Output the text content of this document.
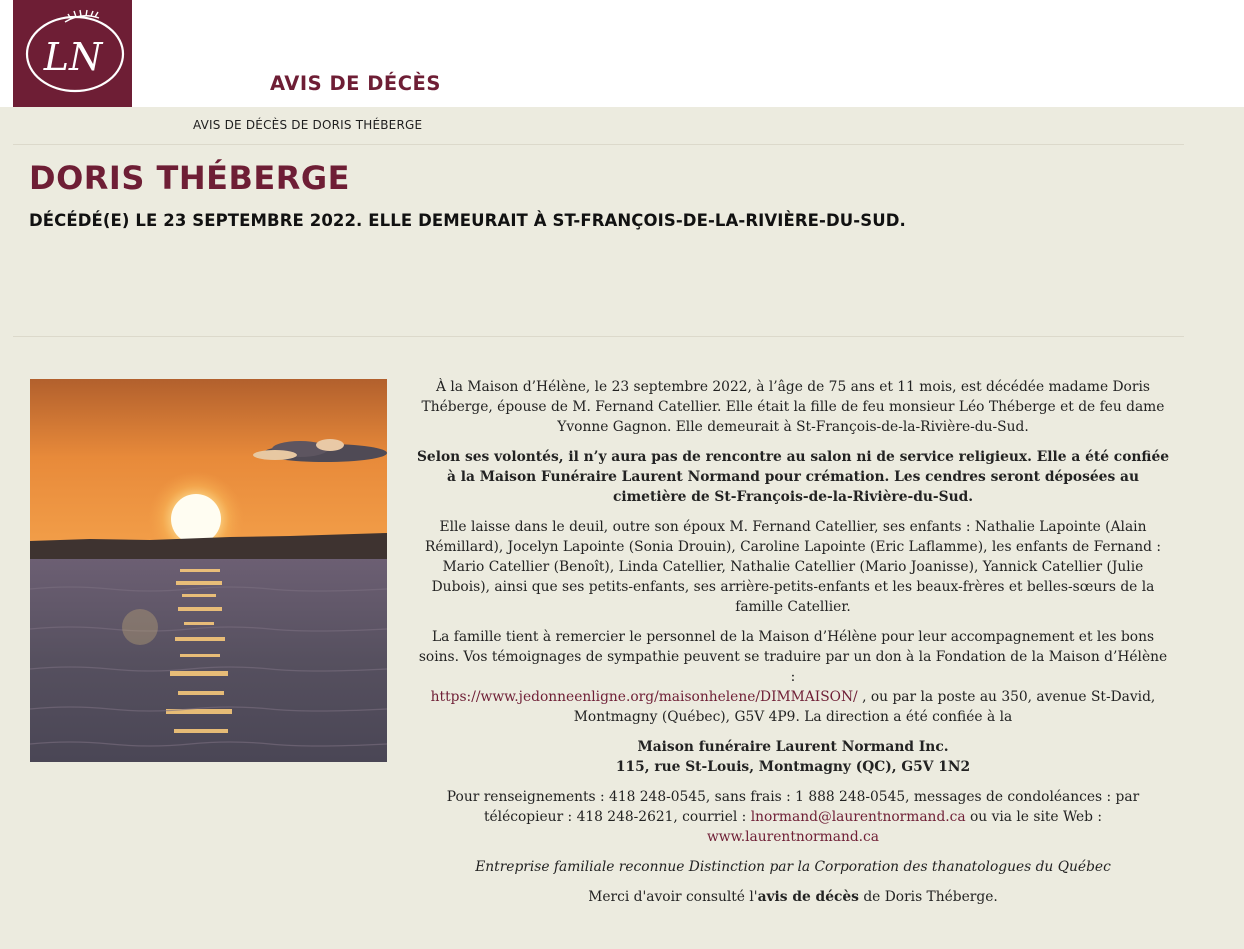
LN
AVIS DE DÉCÈS
AVIS DE DÉCÈS DE DORIS THÉBERGE
DORIS THÉBERGE
DÉCÉDÉ(E) LE 23 SEPTEMBRE 2022. ELLE DEMEURAIT À ST-FRANÇOIS-DE-LA-RIVIÈRE-DU-SUD.

À la Maison d’Hélène, le 23 septembre 2022, à l’âge de 75 ans et 11 mois, est décédée madame Doris Théberge, épouse de M. Fernand Catellier. Elle était la fille de feu monsieur Léo Théberge et de feu dame Yvonne Gagnon. Elle demeurait à St-François-de-la-Rivière-du-Sud.

Selon ses volontés, il n’y aura pas de rencontre au salon ni de service religieux. Elle a été confiée à la Maison Funéraire Laurent Normand pour crémation. Les cendres seront déposées au cimetière de St-François-de-la-Rivière-du-Sud.

Elle laisse dans le deuil, outre son époux M. Fernand Catellier, ses enfants : Nathalie Lapointe (Alain Rémillard), Jocelyn Lapointe (Sonia Drouin), Caroline Lapointe (Eric Laflamme), les enfants de Fernand : Mario Catellier (Benoît), Linda Catellier, Nathalie Catellier (Mario Joanisse), Yannick Catellier (Julie Dubois), ainsi que ses petits-enfants, ses arrière-petits-enfants et les beaux-frères et belles-sœurs de la famille Catellier.

La famille tient à remercier le personnel de la Maison d’Hélène pour leur accompagnement et les bons soins. Vos témoignages de sympathie peuvent se traduire par un don à la Fondation de la Maison d’Hélène :
https://www.jedonneenligne.org/maisonhelene/DIMMAISON/ , ou par la poste au 350, avenue St-David, Montmagny (Québec), G5V 4P9. La direction a été confiée à la

Maison funéraire Laurent Normand Inc.
115, rue St-Louis, Montmagny (QC), G5V 1N2

Pour renseignements : 418 248-0545, sans frais : 1 888 248-0545, messages de condoléances : par télécopieur : 418 248-2621, courriel : lnormand@laurentnormand.ca ou via le site Web : www.laurentnormand.ca

Entreprise familiale reconnue Distinction par la Corporation des thanatologues du Québec

Merci d'avoir consulté l'avis de décès de Doris Théberge.
